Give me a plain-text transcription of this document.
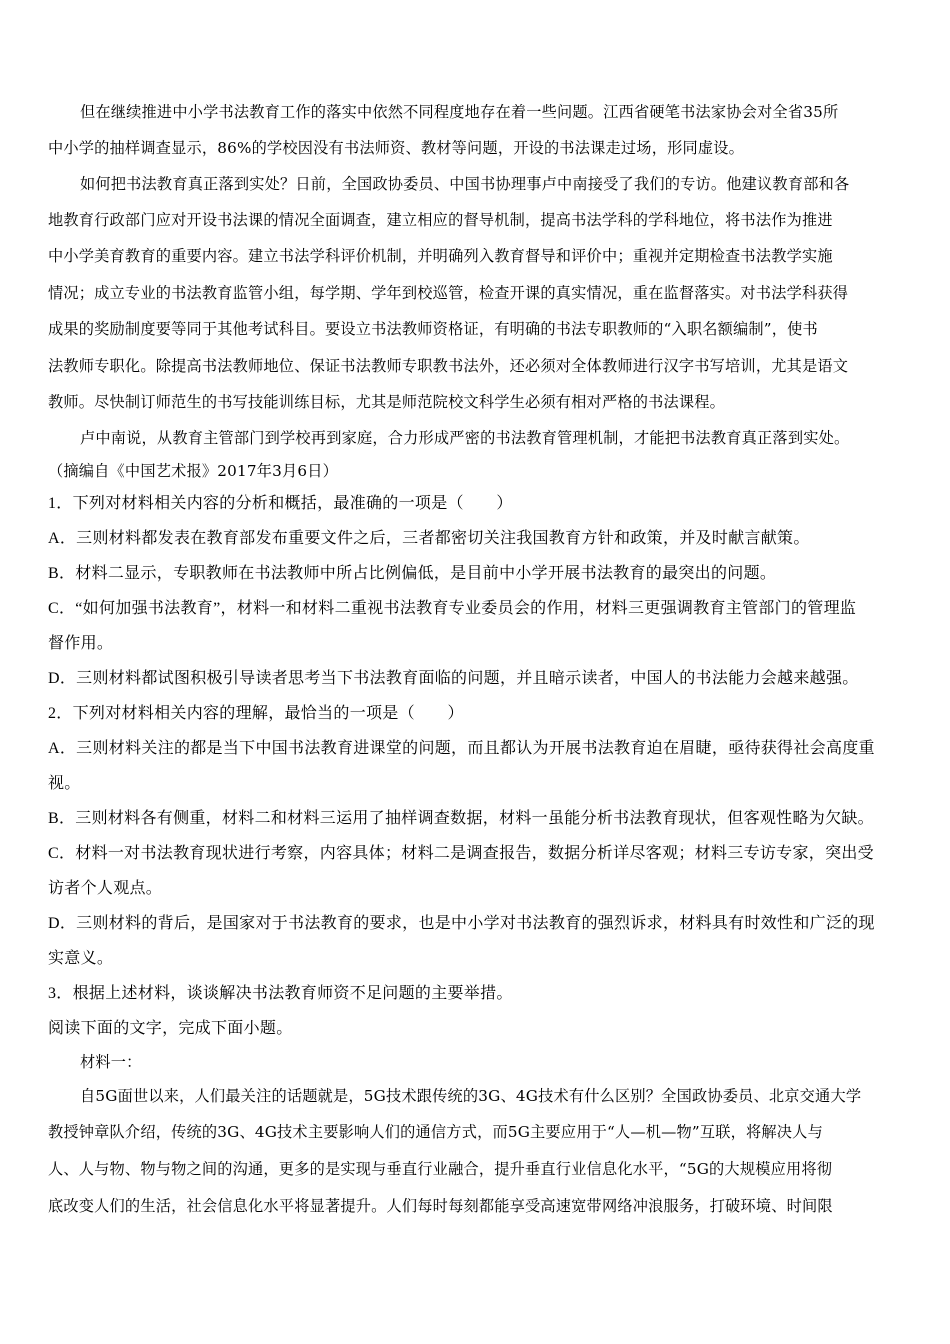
但在继续推进中小学书法教育工作的落实中依然不同程度地存在着一些问题。江西省硬笔书法家协会对全省35所
中小学的抽样调查显示，86%的学校因没有书法师资、教材等问题，开设的书法课走过场，形同虚设。
如何把书法教育真正落到实处？日前，全国政协委员、中国书协理事卢中南接受了我们的专访。他建议教育部和各
地教育行政部门应对开设书法课的情况全面调查，建立相应的督导机制，提高书法学科的学科地位，将书法作为推进
中小学美育教育的重要内容。建立书法学科评价机制，并明确列入教育督导和评价中；重视并定期检查书法教学实施
情况；成立专业的书法教育监管小组，每学期、学年到校巡管，检查开课的真实情况，重在监督落实。对书法学科获得
成果的奖励制度要等同于其他考试科目。要设立书法教师资格证，有明确的书法专职教师的“入职名额编制”，使书
法教师专职化。除提高书法教师地位、保证书法教师专职教书法外，还必须对全体教师进行汉字书写培训，尤其是语文
教师。尽快制订师范生的书写技能训练目标，尤其是师范院校文科学生必须有相对严格的书法课程。
卢中南说，从教育主管部门到学校再到家庭，合力形成严密的书法教育管理机制，才能把书法教育真正落到实处。
（摘编自《中国艺术报》2017年3月6日）
1．下列对材料相关内容的分析和概括，最准确的一项是（　　）
A．三则材料都发表在教育部发布重要文件之后，三者都密切关注我国教育方针和政策，并及时献言献策。
B．材料二显示，专职教师在书法教师中所占比例偏低，是目前中小学开展书法教育的最突出的问题。
C．“如何加强书法教育”，材料一和材料二重视书法教育专业委员会的作用，材料三更强调教育主管部门的管理监
督作用。
D．三则材料都试图积极引导读者思考当下书法教育面临的问题，并且暗示读者，中国人的书法能力会越来越强。
2．下列对材料相关内容的理解，最恰当的一项是（　　）
A．三则材料关注的都是当下中国书法教育进课堂的问题，而且都认为开展书法教育迫在眉睫，亟待获得社会高度重
视。
B．三则材料各有侧重，材料二和材料三运用了抽样调查数据，材料一虽能分析书法教育现状，但客观性略为欠缺。
C．材料一对书法教育现状进行考察，内容具体；材料二是调查报告，数据分析详尽客观；材料三专访专家，突出受
访者个人观点。
D．三则材料的背后，是国家对于书法教育的要求，也是中小学对书法教育的强烈诉求，材料具有时效性和广泛的现
实意义。
3．根据上述材料，谈谈解决书法教育师资不足问题的主要举措。
阅读下面的文字，完成下面小题。
材料一：
自5G面世以来，人们最关注的话题就是，5G技术跟传统的3G、4G技术有什么区别？全国政协委员、北京交通大学
教授钟章队介绍，传统的3G、4G技术主要影响人们的通信方式，而5G主要应用于“人—机—物”互联，将解决人与
人、人与物、物与物之间的沟通，更多的是实现与垂直行业融合，提升垂直行业信息化水平，“5G的大规模应用将彻
底改变人们的生活，社会信息化水平将显著提升。人们每时每刻都能享受高速宽带网络冲浪服务，打破环境、时间限
